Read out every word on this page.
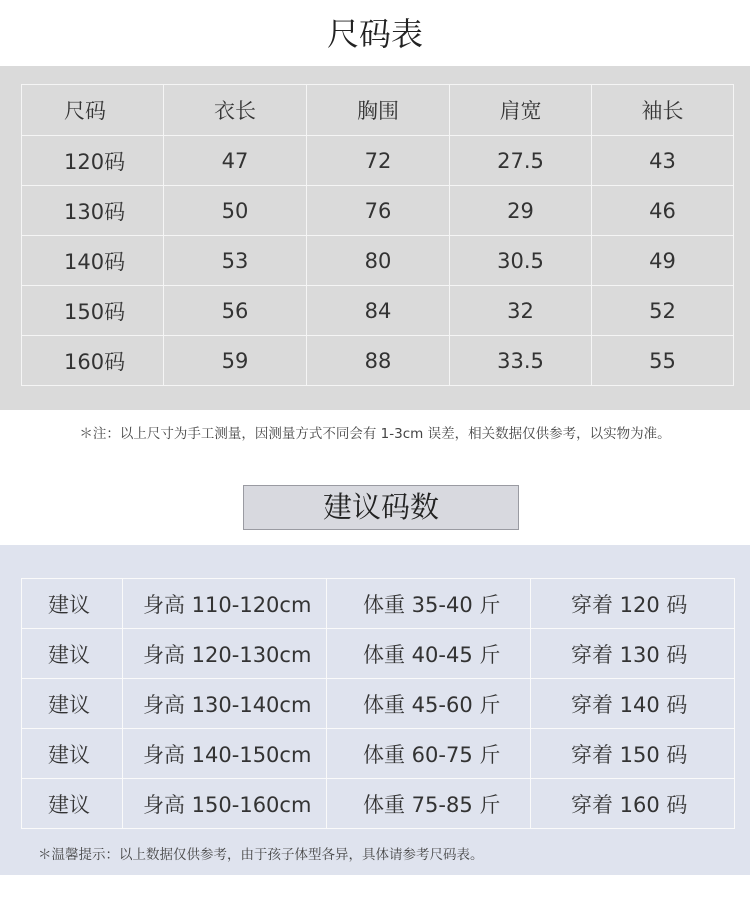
尺码表
尺码	衣长	胸围	肩宽	袖长
120码	47	72	27.5	43
130码	50	76	29	46
140码	53	80	30.5	49
150码	56	84	32	52
160码	59	88	33.5	55
＊注：以上尺寸为手工测量，因测量方式不同会有 1-3cm 误差，相关数据仅供参考，以实物为准。
建议码数
建议	身高 110-120cm	体重 35-40 斤	穿着 120 码
建议	身高 120-130cm	体重 40-45 斤	穿着 130 码
建议	身高 130-140cm	体重 45-60 斤	穿着 140 码
建议	身高 140-150cm	体重 60-75 斤	穿着 150 码
建议	身高 150-160cm	体重 75-85 斤	穿着 160 码
＊温馨提示：以上数据仅供参考，由于孩子体型各异，具体请参考尺码表。
